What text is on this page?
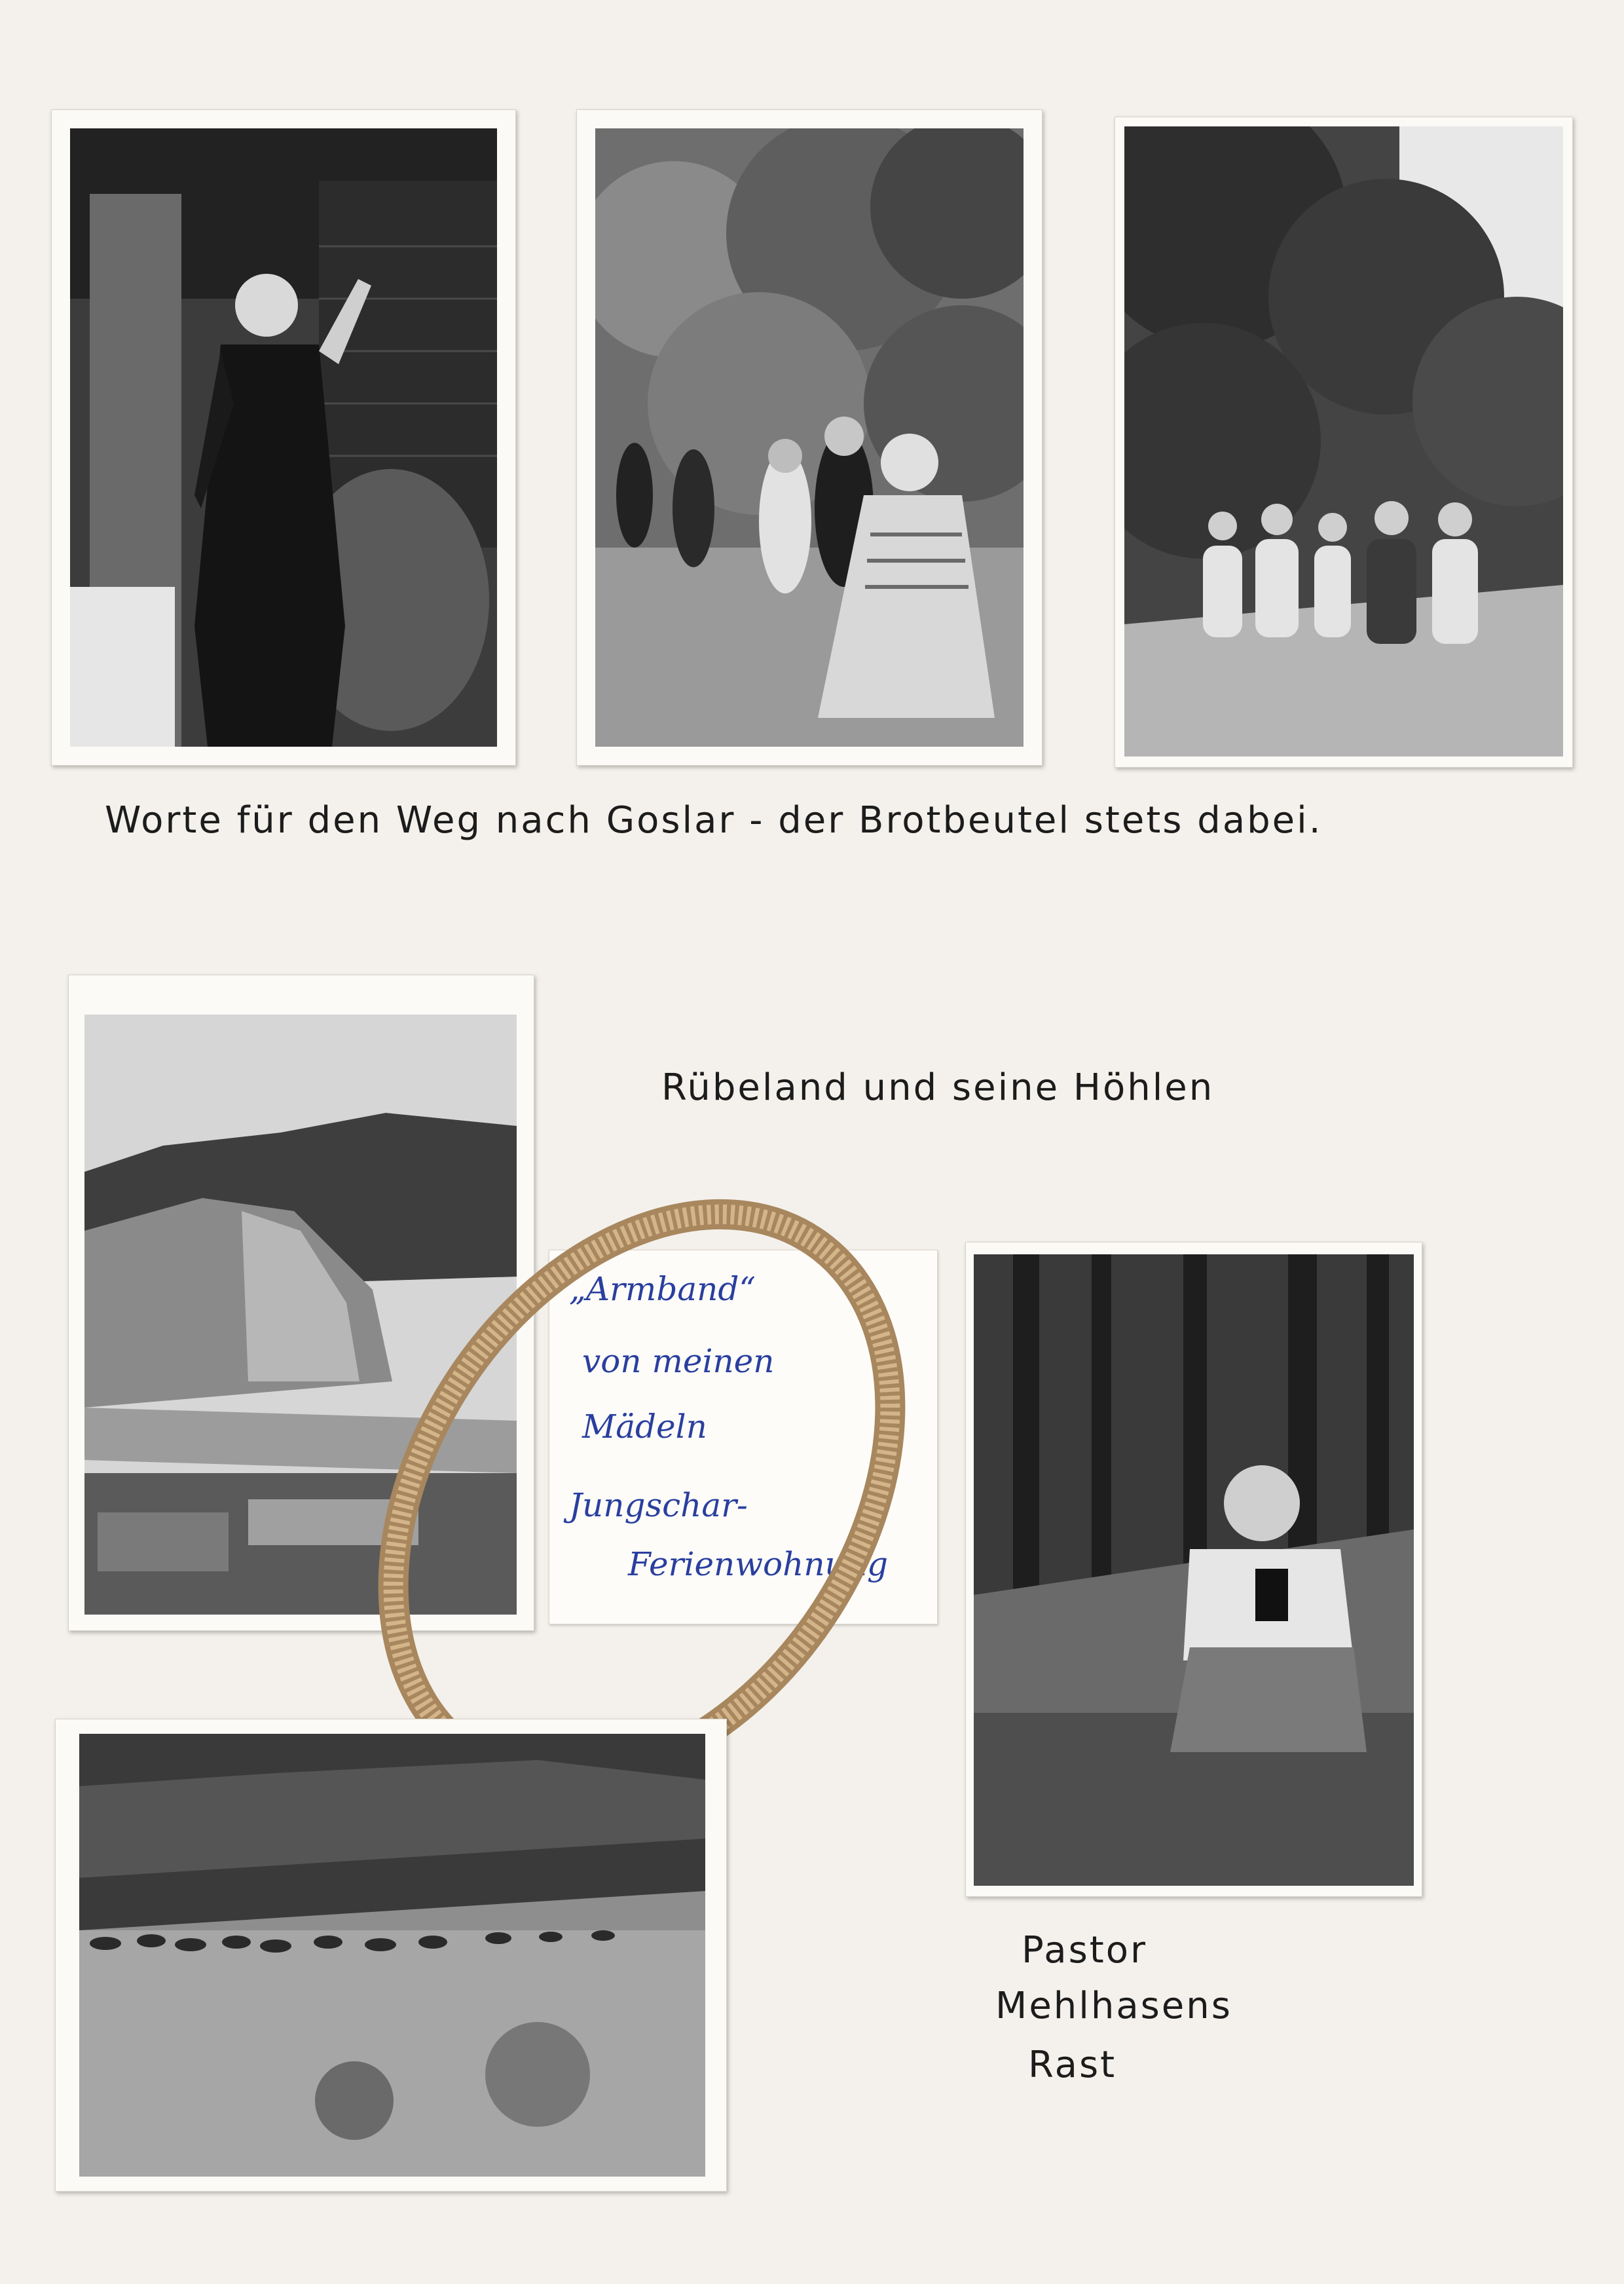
Worte für den Weg nach Goslar - der Brotbeutel stets dabei.
Rübeland und seine Höhlen
„Armband“
von meinen
Mädeln
Jungschar-
Ferienwohnung
Pastor
Mehlhasens
Rast
